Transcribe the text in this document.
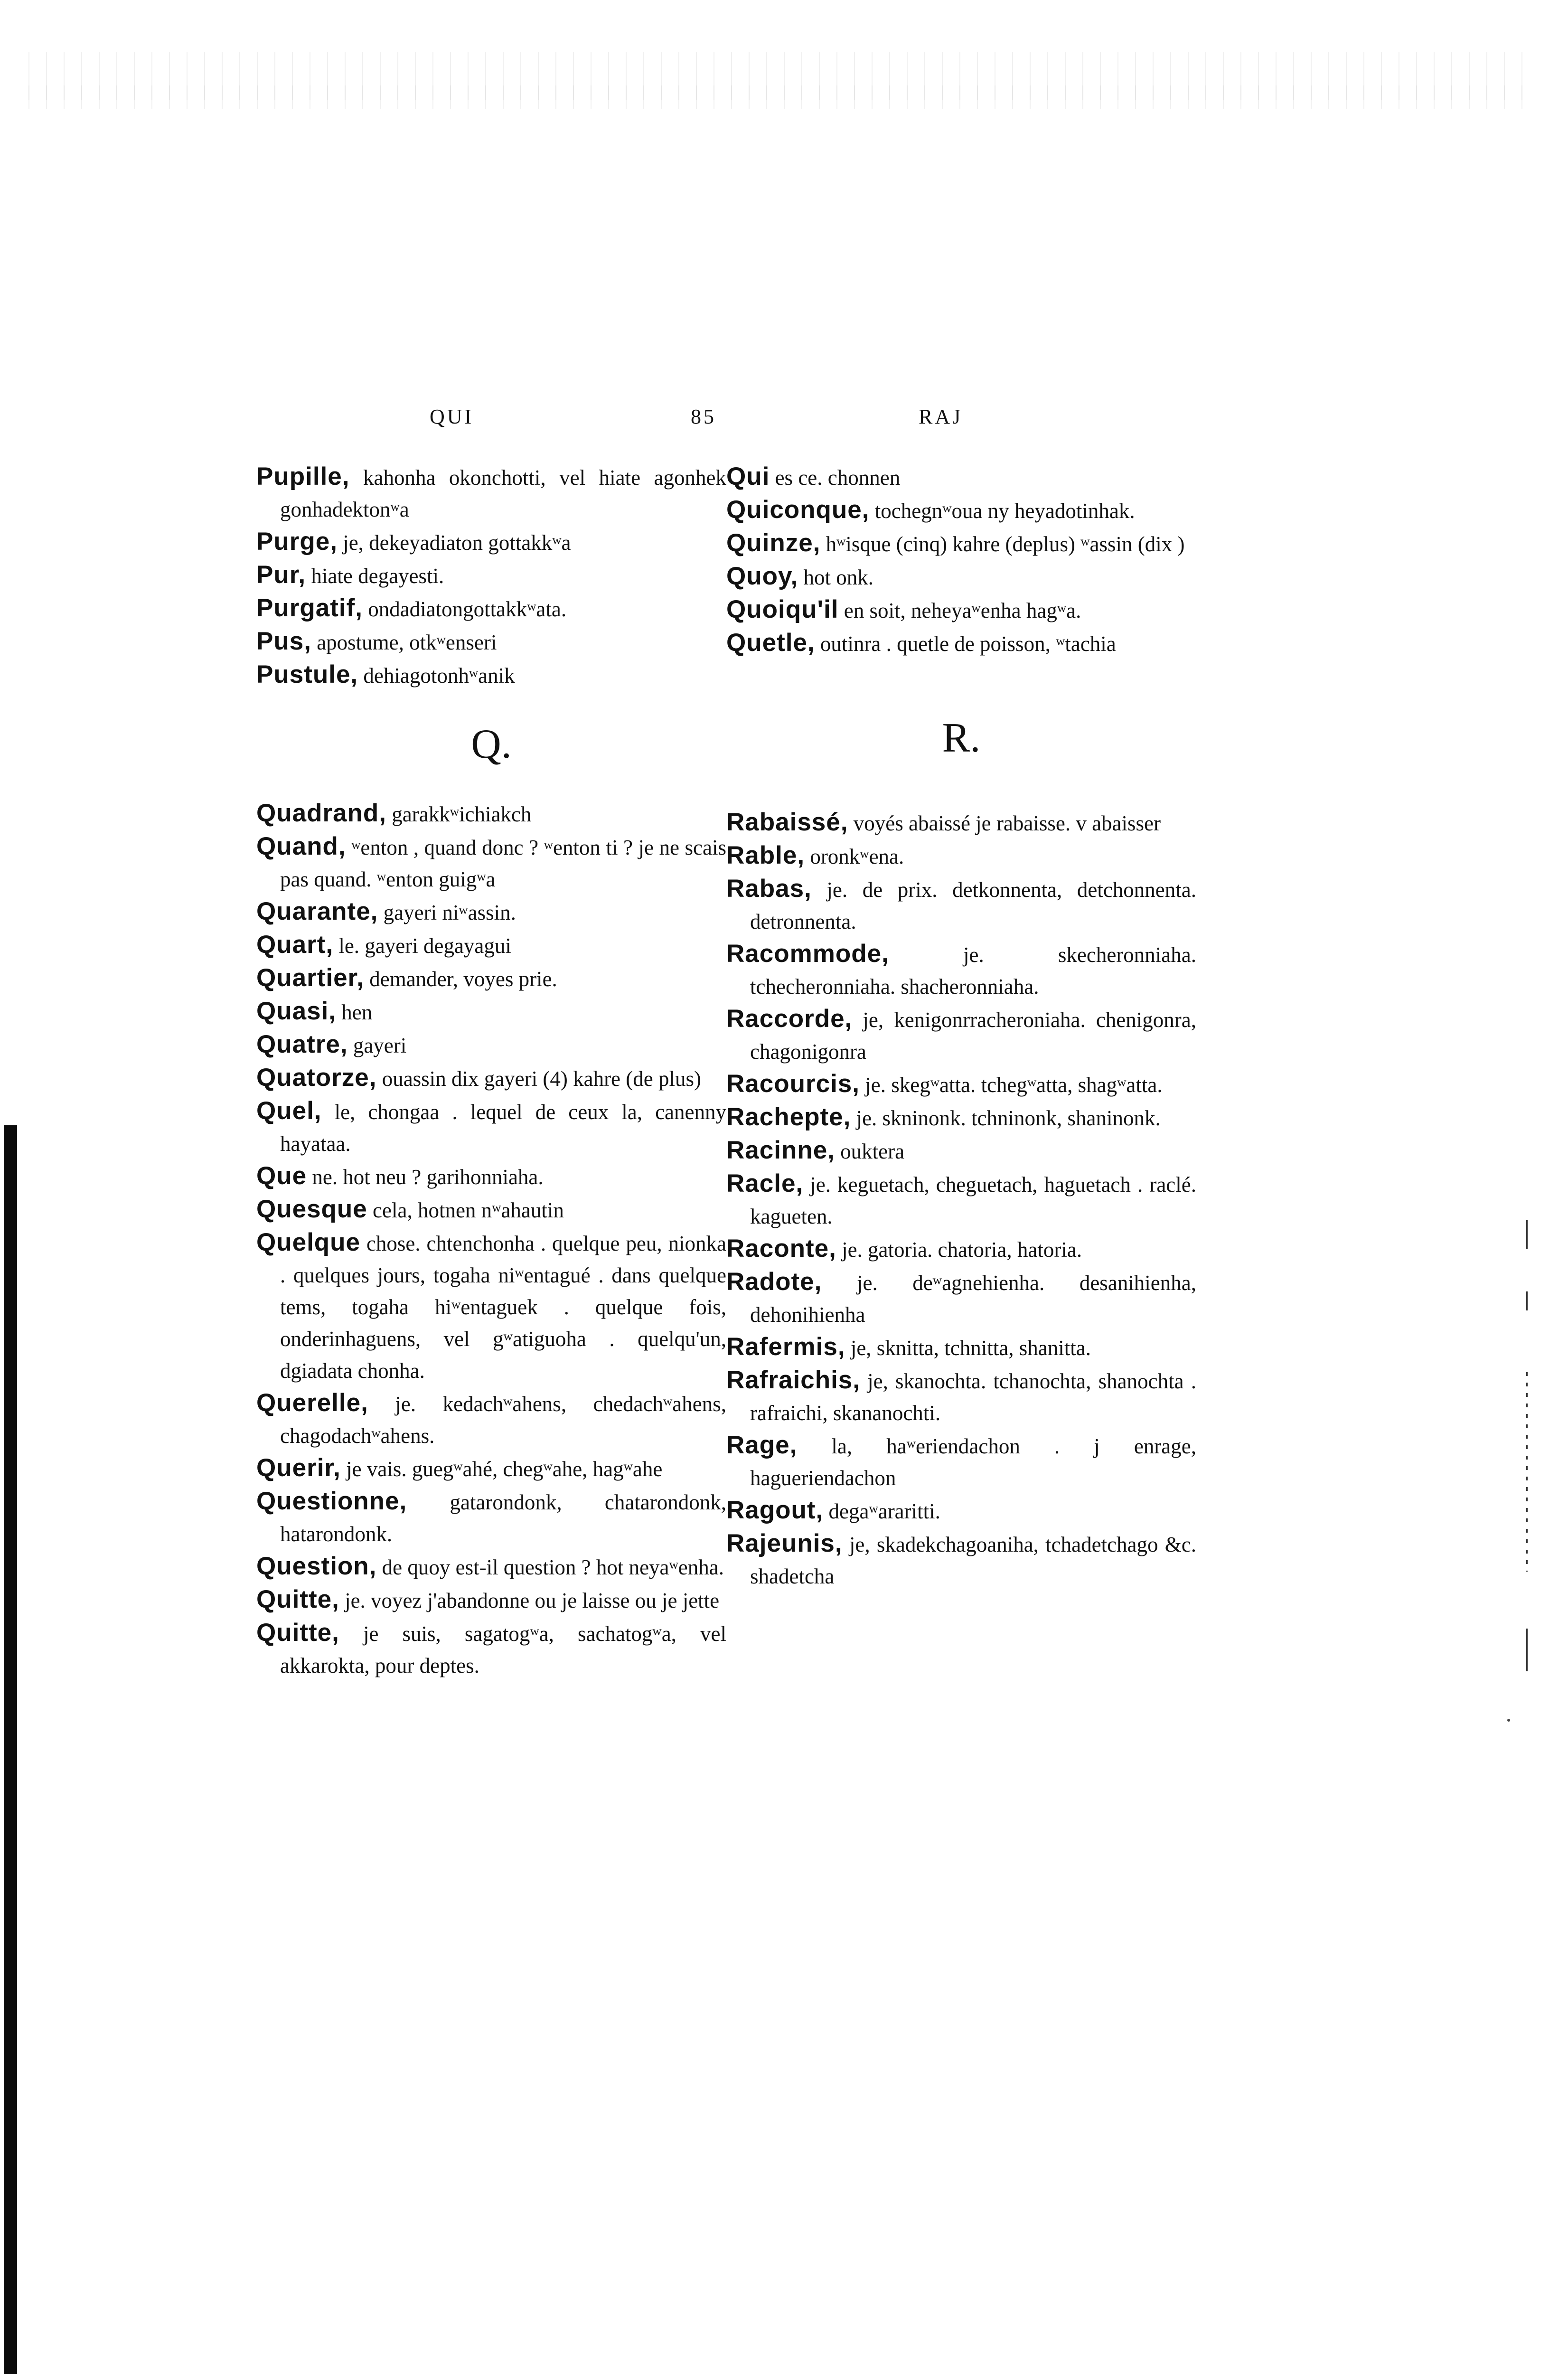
QUI	85	RAJ

Pupille, kahonha okonchotti, vel hiate agonhek gonhadektonʷa

Purge, je, dekeyadiaton gottakkʷa

Pur, hiate degayesti.

Purgatif, ondadiatongottakkʷata.

Pus, apostume, otkʷenseri

Pustule, dehiagotonhʷanik

Q.

Quadrand, garakkʷichiakch

Quand, ʷenton , quand donc ? ʷenton ti ? je ne scais pas quand. ʷenton guigʷa

Quarante, gayeri niʷassin.

Quart, le. gayeri degayagui

Quartier, demander, voyes prie.

Quasi, hen

Quatre, gayeri

Quatorze, ouassin dix gayeri (4) kahre (de plus)

Quel, le, chongaa . lequel de ceux la, canenny hayataa.

Que ne. hot neu ? garihonniaha.

Quesque cela, hotnen nʷahautin

Quelque chose. chtenchonha . quelque peu, nionka . quelques jours, togaha niʷentagué . dans quelque tems, togaha hiʷentaguek . quelque fois, onderinhaguens, vel gʷatiguoha . quelqu'un, dgiadata chonha.

Querelle, je. kedachʷahens, chedachʷahens, chagodachʷahens.

Querir, je vais. guegʷahé, chegʷahe, hagʷahe

Questionne, gatarondonk, chatarondonk, hatarondonk.

Question, de quoy est-il question ? hot neyaʷenha.

Quitte, je. voyez j'abandonne ou je laisse ou je jette

Quitte, je suis, sagatogʷa, sachatogʷa, vel akkarokta, pour deptes.

Qui es ce. chonnen

Quiconque, tochegnʷoua ny heyadotinhak.

Quinze, hʷisque (cinq) kahre (deplus) ʷassin (dix )

Quoy, hot onk.

Quoiqu'il en soit, neheyaʷenha hagʷa.

Quetle, outinra . quetle de poisson, ʷtachia

R.

Rabaissé, voyés abaissé je rabaisse. v abaisser

Rable, oronkʷena.

Rabas, je. de prix. detkonnenta, detchonnenta. detronnenta.

Racommode, je. skecheronniaha. tchecheronniaha. shacheronniaha.

Raccorde, je, kenigonrracheroniaha. chenigonra, chagonigonra

Racourcis, je. skegʷatta. tchegʷatta, shagʷatta.

Rachepte, je. skninonk. tchninonk, shaninonk.

Racinne, ouktera

Racle, je. keguetach, cheguetach, haguetach . raclé. kagueten.

Raconte, je. gatoria. chatoria, hatoria.

Radote, je. deʷagnehienha. desanihienha, dehonihienha

Rafermis, je, sknitta, tchnitta, shanitta.

Rafraichis, je, skanochta. tchanochta, shanochta . rafraichi, skananochti.

Rage, la, haʷeriendachon . j enrage, hagueriendachon

Ragout, degaʷararitti.

Rajeunis, je, skadekchagoaniha, tchadetchago &c. shadetcha
